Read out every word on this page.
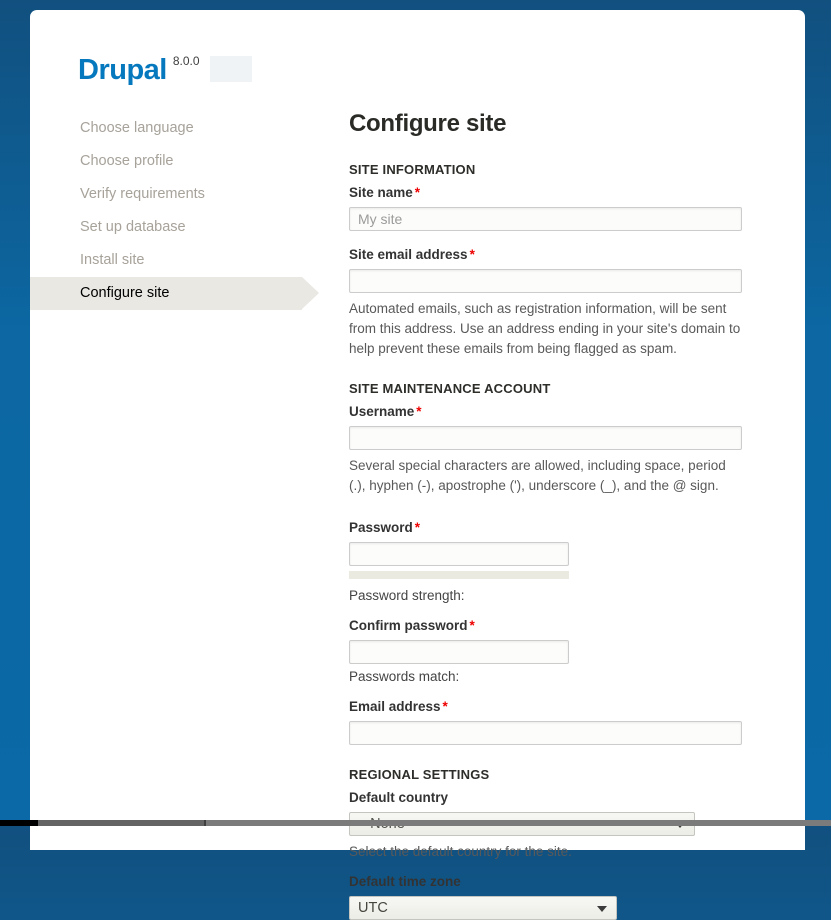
Drupal $^{8.0.0}$
Choose language
Choose profile
Verify requirements
Set up database
Install site
Configure site
Configure site
SITE INFORMATION
Site name *
My site
Site email address *
Automated emails, such as registration information, will be sent from this address. Use an address ending in your site's domain to help prevent these emails from being flagged as spam.
SITE MAINTENANCE ACCOUNT
Username *
Several special characters are allowed, including space, period (.), hyphen (-), apostrophe ('), underscore (_), and the @ sign.
Password *
Password strength:
Confirm password *
Passwords match:
Email address *
REGIONAL SETTINGS
Default country
Select the default country for the site.
Default time zone
UTC
